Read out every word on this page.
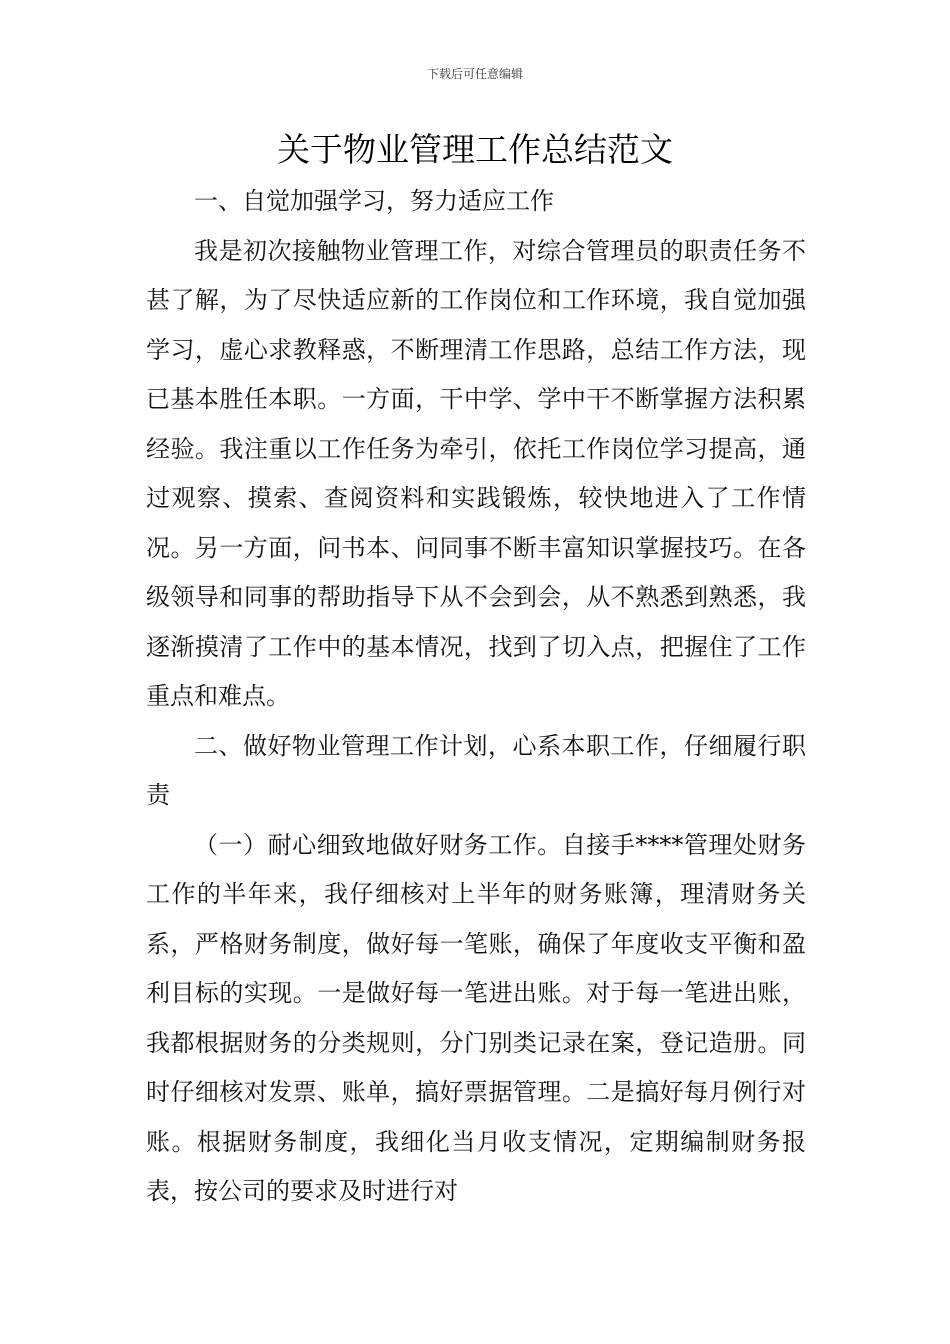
下载后可任意编辑
关于物业管理工作总结范文

一、自觉加强学习，努力适应工作

我是初次接触物业管理工作，对综合管理员的职责任务不甚了解，为了尽快适应新的工作岗位和工作环境，我自觉加强学习，虚心求教释惑，不断理清工作思路，总结工作方法，现已基本胜任本职。一方面，干中学、学中干不断掌握方法积累经验。我注重以工作任务为牵引，依托工作岗位学习提高，通过观察、摸索、查阅资料和实践锻炼，较快地进入了工作情况。另一方面，问书本、问同事不断丰富知识掌握技巧。在各级领导和同事的帮助指导下从不会到会，从不熟悉到熟悉，我逐渐摸清了工作中的基本情况，找到了切入点，把握住了工作重点和难点。

二、做好物业管理工作计划，心系本职工作，仔细履行职责

（一）耐心细致地做好财务工作。自接手****管理处财务工作的半年来，我仔细核对上半年的财务账簿，理清财务关系，严格财务制度，做好每一笔账，确保了年度收支平衡和盈利目标的实现。一是做好每一笔进出账。对于每一笔进出账，我都根据财务的分类规则，分门别类记录在案，登记造册。同时仔细核对发票、账单，搞好票据管理。二是搞好每月例行对账。根据财务制度，我细化当月收支情况，定期编制财务报表，按公司的要求及时进行对
